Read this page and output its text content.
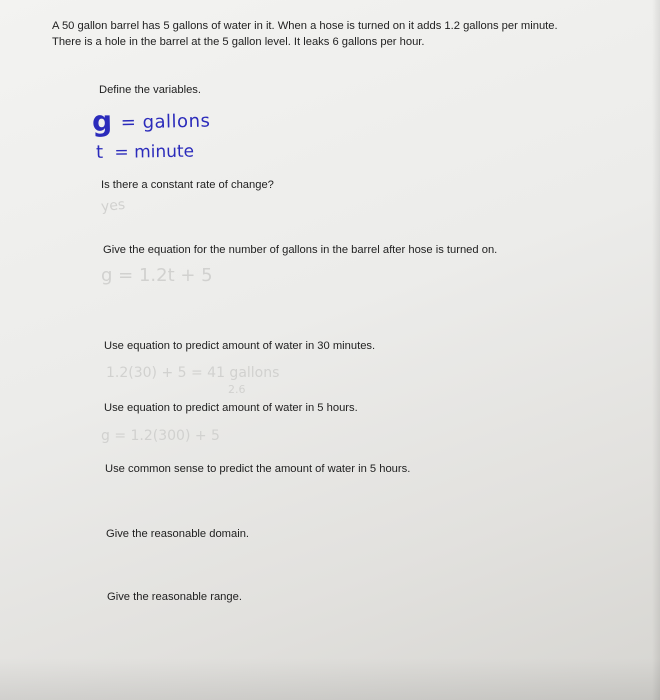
A 50 gallon barrel has 5 gallons of water in it. When a hose is turned on it adds 1.2 gallons per minute.
There is a hole in the barrel at the 5 gallon level. It leaks 6 gallons per hour.
Define the variables.
g = gallons
t = minute
Is there a constant rate of change?
yes
Give the equation for the number of gallons in the barrel after hose is turned on.
g = 1.2t + 5
Use equation to predict amount of water in 30 minutes.
1.2(30) + 5 = 41 gallons
2.6
Use equation to predict amount of water in 5 hours.
g = 1.2(300) + 5
Use common sense to predict the amount of water in 5 hours.
Give the reasonable domain.
Give the reasonable range.
